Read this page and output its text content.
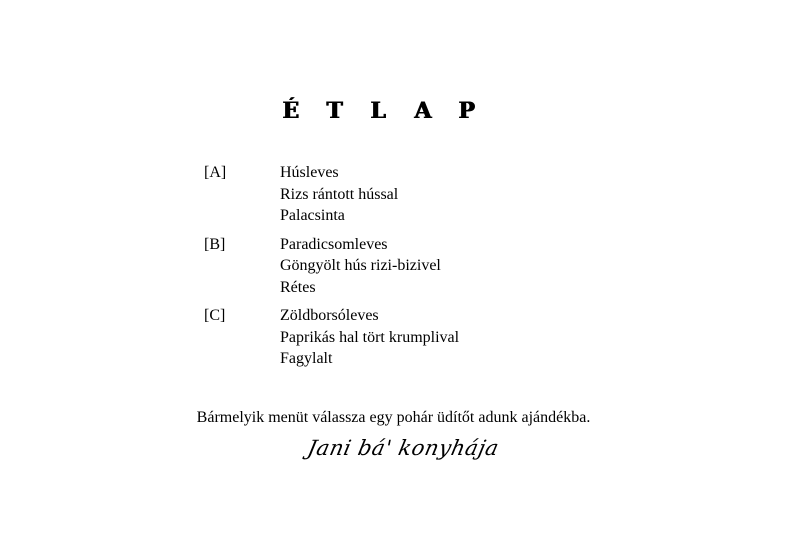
É	T	L	A	P
[A]	Húsleves
Rizs rántott hússal
Palacsinta
[B]	Paradicsomleves
Göngyölt hús rizi-bizivel
Rétes
[C]	Zöldborsóleves
Paprikás hal tört krumplival
Fagylalt
Bármelyik menüt válassza egy pohár üdítőt adunk ajándékba.
Jani bá' konyhája
